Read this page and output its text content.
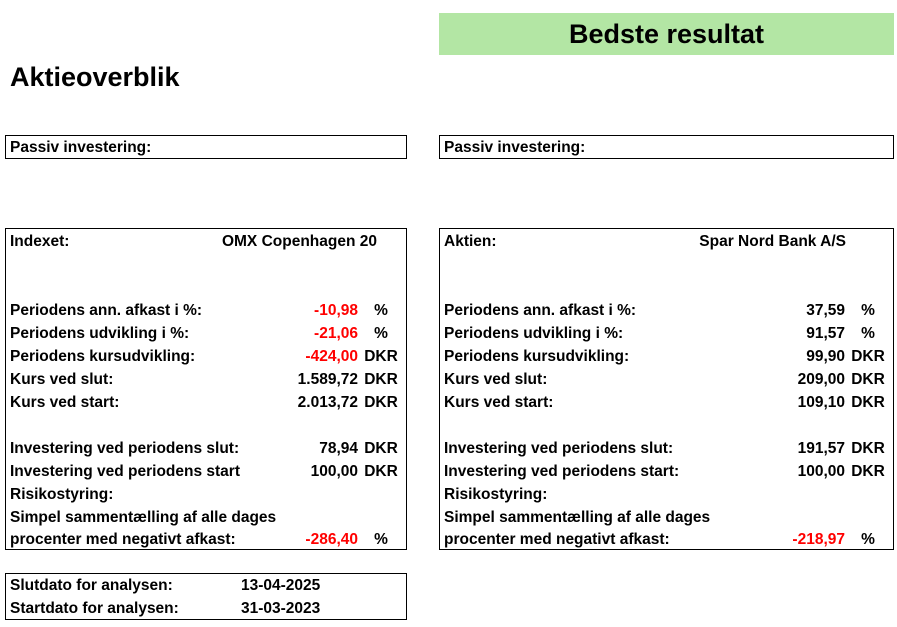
Bedste resultat
Aktieoverblik
Passiv investering:	Passiv investering:
Indexet:	OMX Copenhagen 20
Periodens ann. afkast i %:	-10,98	%
Periodens udvikling i %:	-21,06	%
Periodens kursudvikling:	-424,00 DKR
Kurs ved slut:	1.589,72 DKR
Kurs ved start:	2.013,72 DKR
Investering ved periodens slut:	78,94 DKR
Investering ved periodens start	100,00 DKR
Risikostyring:
Simpel sammentælling af alle dages
procenter med negativt afkast:	-286,40	%
Aktien:	Spar Nord Bank A/S
Periodens ann. afkast i %:	37,59	%
Periodens udvikling i %:	91,57	%
Periodens kursudvikling:	99,90 DKR
Kurs ved slut:	209,00 DKR
Kurs ved start:	109,10 DKR
Investering ved periodens slut:	191,57 DKR
Investering ved periodens start:	100,00 DKR
Risikostyring:
Simpel sammentælling af alle dages
procenter med negativt afkast:	-218,97	%
Slutdato for analysen:	13-04-2025
Startdato for analysen:	31-03-2023
